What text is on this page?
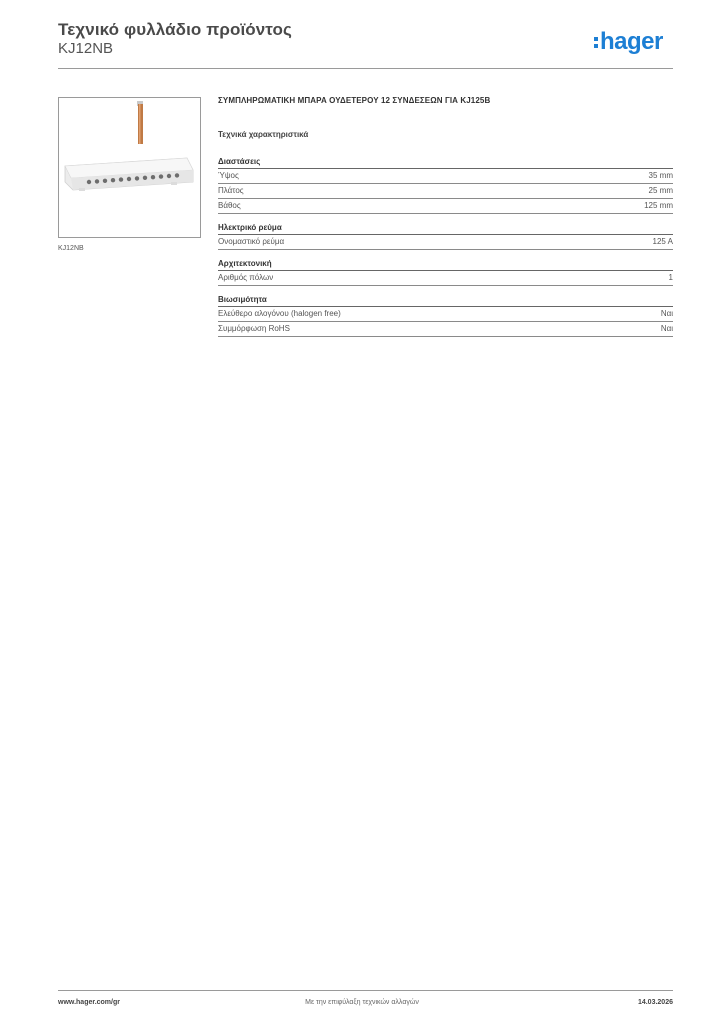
Τεχνικό φυλλάδιο προϊόντος
KJ12NB	hager
KJ12NB
ΣΥΜΠΛΗΡΩΜΑΤΙΚΗ ΜΠΑΡΑ ΟΥΔΕΤΕΡΟΥ 12 ΣΥΝΔΕΣΕΩΝ ΓΙΑ KJ125B
Τεχνικά χαρακτηριστικά
Διαστάσεις
Ύψος	35 mm
Πλάτος	25 mm
Βάθος	125 mm
Ηλεκτρικό ρεύμα
Ονομαστικό ρεύμα	125 A
Αρχιτεκτονική
Αριθμός πόλων	1
Βιωσιμότητα
Ελεύθερο αλογόνου (halogen free)	Ναι
Συμμόρφωση RoHS	Ναι
www.hager.com/gr	Με την επιφύλαξη τεχνικών αλλαγών	14.03.2026
